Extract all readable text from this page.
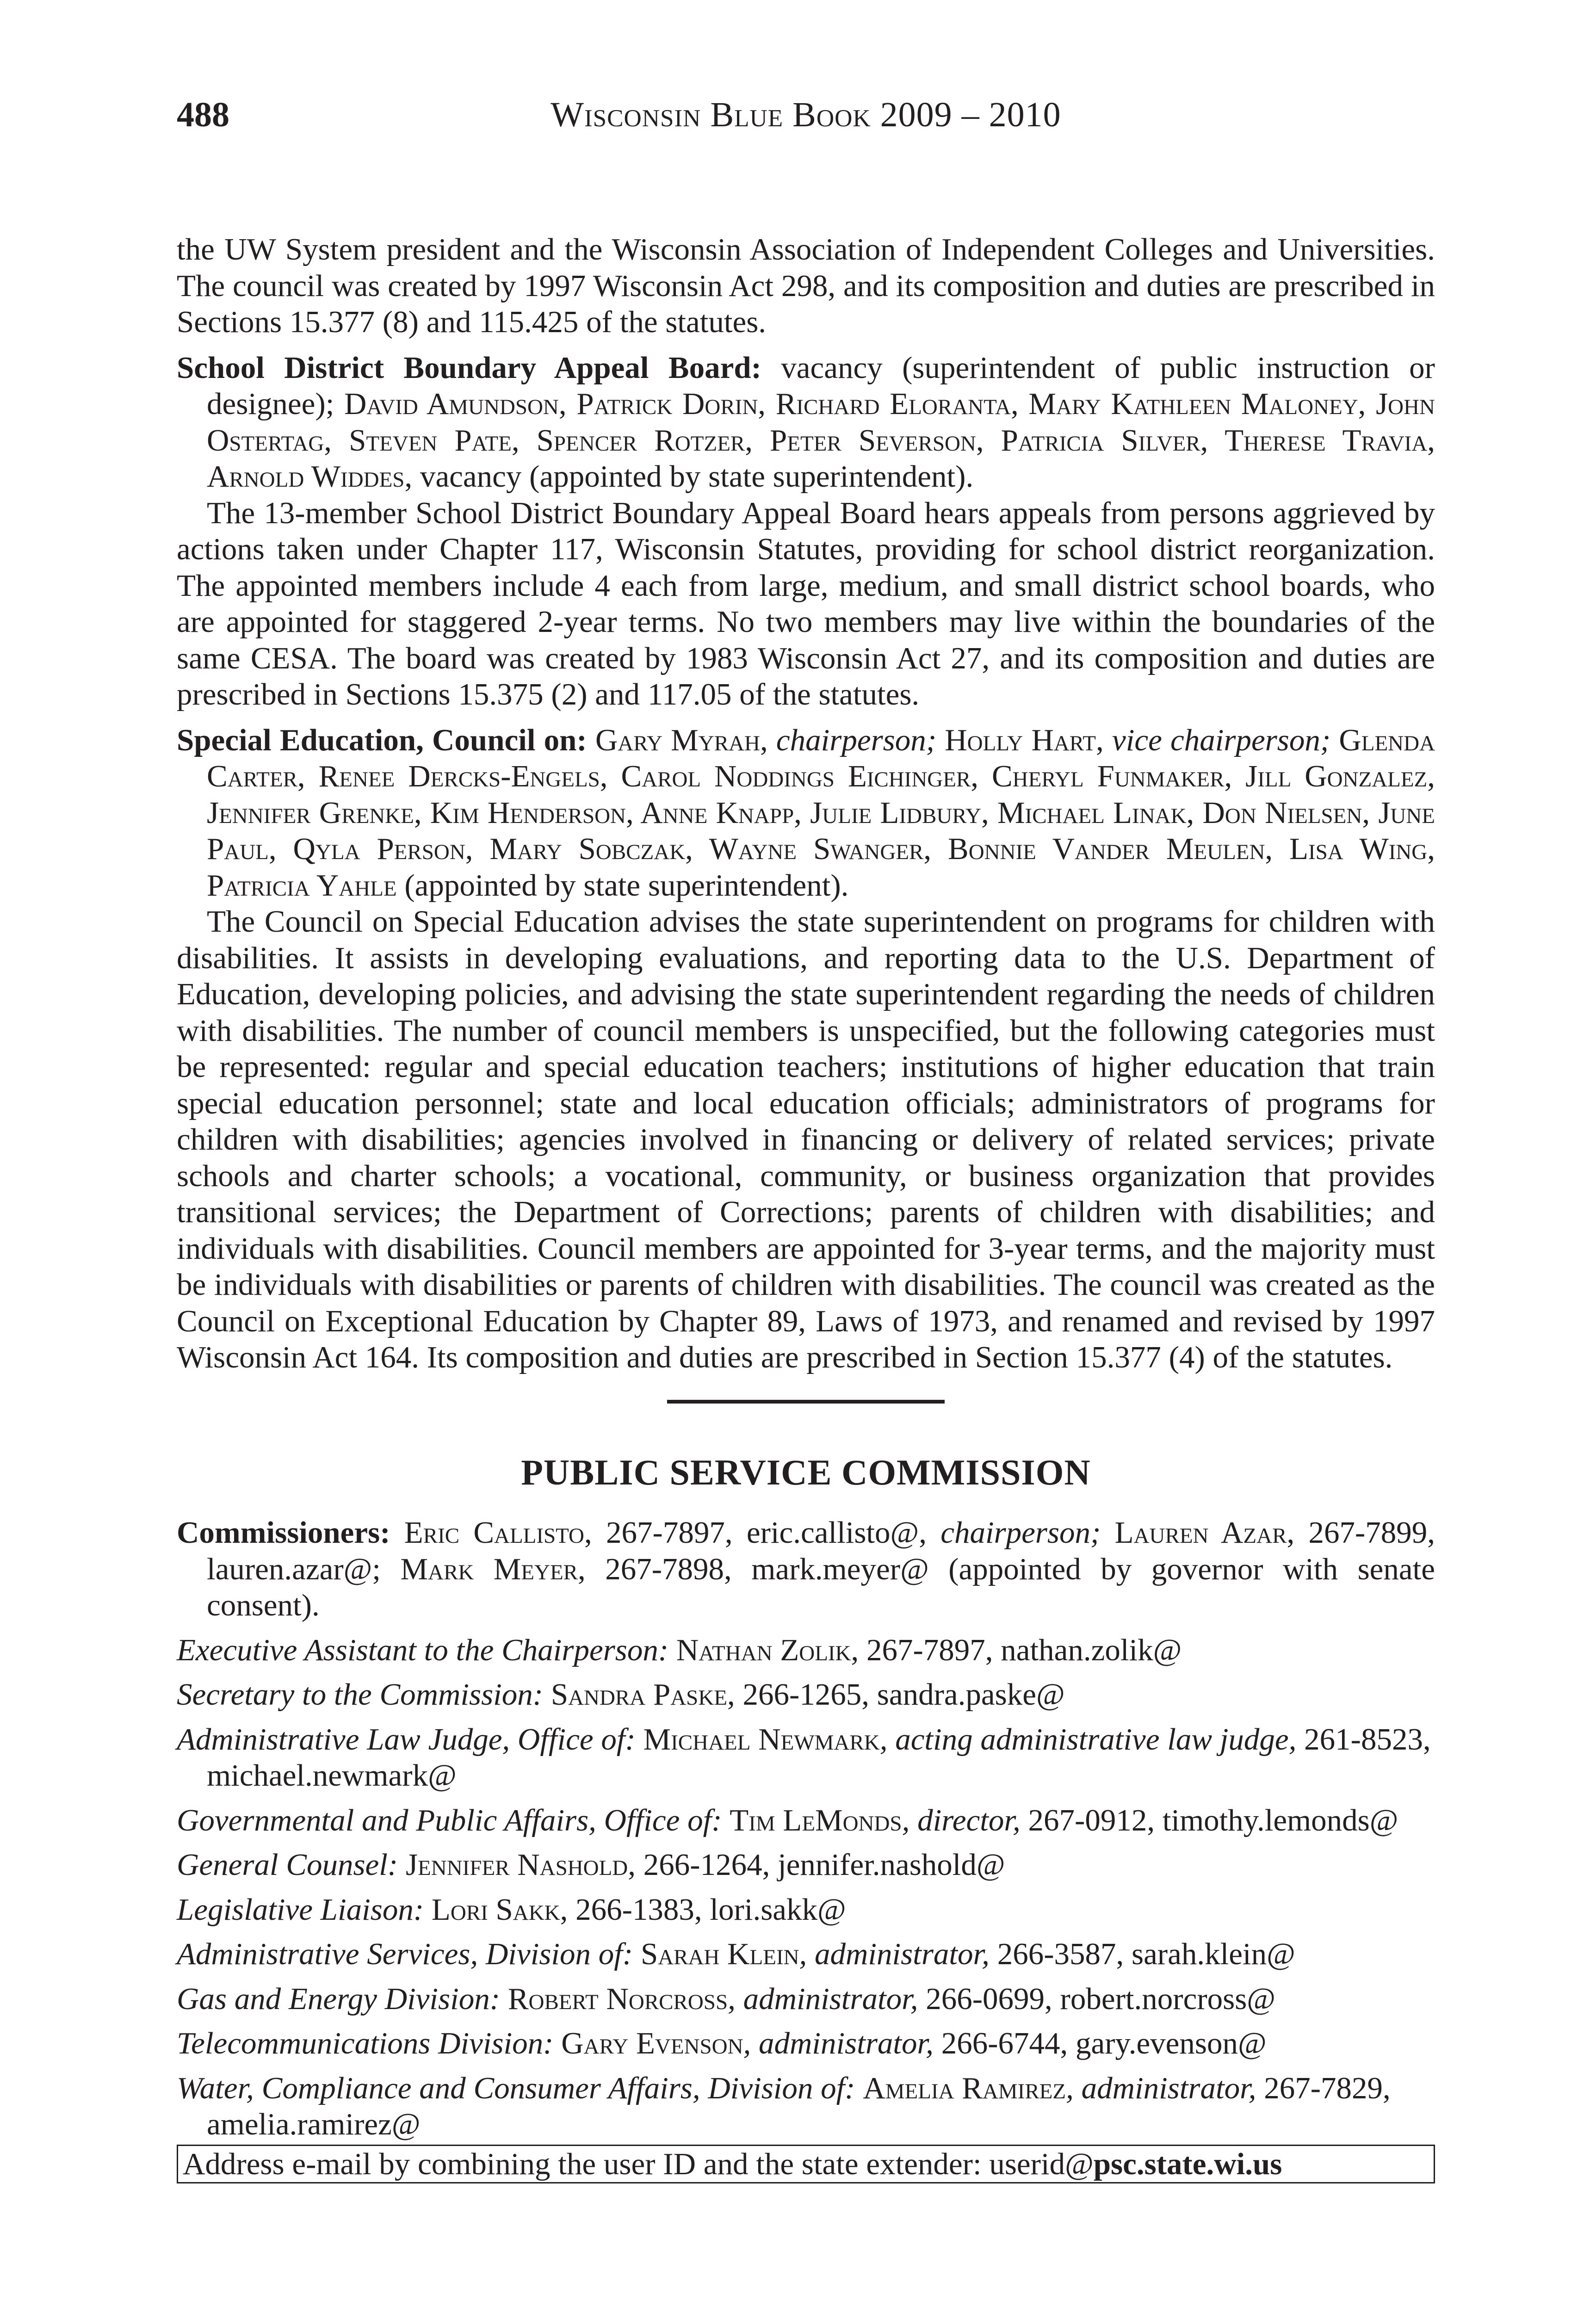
488	Wisconsin Blue Book 2009 – 2010

the UW System president and the Wisconsin Association of Independent Colleges and Universities. The council was created by 1997 Wisconsin Act 298, and its composition and duties are prescribed in Sections 15.377 (8) and 115.425 of the statutes.

School District Boundary Appeal Board: vacancy (superintendent of public instruction or designee); David Amundson, Patrick Dorin, Richard Eloranta, Mary Kathleen Maloney, John Ostertag, Steven Pate, Spencer Rotzer, Peter Severson, Patricia Silver, Therese Travia, Arnold Widdes, vacancy (appointed by state superintendent).

The 13-member School District Boundary Appeal Board hears appeals from persons aggrieved by actions taken under Chapter 117, Wisconsin Statutes, providing for school district reorganization. The appointed members include 4 each from large, medium, and small district school boards, who are appointed for staggered 2-year terms. No two members may live within the boundaries of the same CESA. The board was created by 1983 Wisconsin Act 27, and its composition and duties are prescribed in Sections 15.375 (2) and 117.05 of the statutes.

Special Education, Council on: Gary Myrah, chairperson; Holly Hart, vice chairperson; Glenda Carter, Renee Dercks-Engels, Carol Noddings Eichinger, Cheryl Funmaker, Jill Gonzalez, Jennifer Grenke, Kim Henderson, Anne Knapp, Julie Lidbury, Michael Linak, Don Nielsen, June Paul, Qyla Person, Mary Sobczak, Wayne Swanger, Bonnie Vander Meulen, Lisa Wing, Patricia Yahle (appointed by state superintendent).

The Council on Special Education advises the state superintendent on programs for children with disabilities. It assists in developing evaluations, and reporting data to the U.S. Department of Education, developing policies, and advising the state superintendent regarding the needs of children with disabilities. The number of council members is unspecified, but the following categories must be represented: regular and special education teachers; institutions of higher education that train special education personnel; state and local education officials; administrators of programs for children with disabilities; agencies involved in financing or delivery of related services; private schools and charter schools; a vocational, community, or business organization that provides transitional services; the Department of Corrections; parents of children with disabilities; and individuals with disabilities. Council members are appointed for 3-year terms, and the majority must be individuals with disabilities or parents of children with disabilities. The council was created as the Council on Exceptional Education by Chapter 89, Laws of 1973, and renamed and revised by 1997 Wisconsin Act 164. Its composition and duties are prescribed in Section 15.377 (4) of the statutes.

PUBLIC SERVICE COMMISSION

Commissioners: Eric Callisto, 267-7897, eric.callisto@, chairperson; Lauren Azar, 267-7899, lauren.azar@; Mark Meyer, 267-7898, mark.meyer@ (appointed by governor with senate consent).

Executive Assistant to the Chairperson: Nathan Zolik, 267-7897, nathan.zolik@

Secretary to the Commission: Sandra Paske, 266-1265, sandra.paske@

Administrative Law Judge, Office of: Michael Newmark, acting administrative law judge, 261-8523, michael.newmark@

Governmental and Public Affairs, Office of: Tim LeMonds, director, 267-0912, timothy.lemonds@

General Counsel: Jennifer Nashold, 266-1264, jennifer.nashold@

Legislative Liaison: Lori Sakk, 266-1383, lori.sakk@

Administrative Services, Division of: Sarah Klein, administrator, 266-3587, sarah.klein@

Gas and Energy Division: Robert Norcross, administrator, 266-0699, robert.norcross@

Telecommunications Division: Gary Evenson, administrator, 266-6744, gary.evenson@

Water, Compliance and Consumer Affairs, Division of: Amelia Ramirez, administrator, 267-7829, amelia.ramirez@

Address e-mail by combining the user ID and the state extender: userid@psc.state.wi.us
